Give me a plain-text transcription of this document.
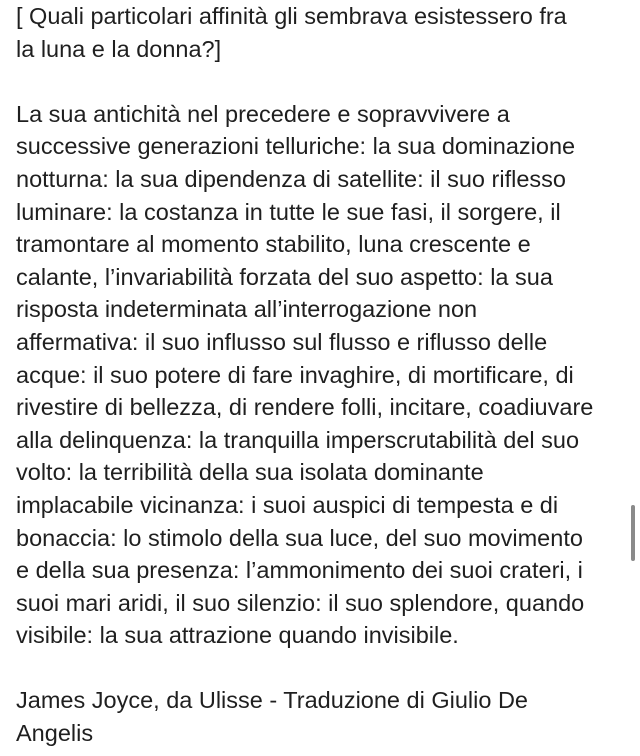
[ Quali particolari affinità gli sembrava esistessero fra
la luna e la donna?]
La sua antichità nel precedere e sopravvivere a
successive generazioni telluriche: la sua dominazione
notturna: la sua dipendenza di satellite: il suo riflesso
luminare: la costanza in tutte le sue fasi, il sorgere, il
tramontare al momento stabilito, luna crescente e
calante, l’invariabilità forzata del suo aspetto: la sua
risposta indeterminata all’interrogazione non
affermativa: il suo influsso sul flusso e riflusso delle
acque: il suo potere di fare invaghire, di mortificare, di
rivestire di bellezza, di rendere folli, incitare, coadiuvare
alla delinquenza: la tranquilla imperscrutabilità del suo
volto: la terribilità della sua isolata dominante
implacabile vicinanza: i suoi auspici di tempesta e di
bonaccia: lo stimolo della sua luce, del suo movimento
e della sua presenza: l’ammonimento dei suoi crateri, i
suoi mari aridi, il suo silenzio: il suo splendore, quando
visibile: la sua attrazione quando invisibile.
James Joyce, da Ulisse - Traduzione di Giulio De
Angelis
